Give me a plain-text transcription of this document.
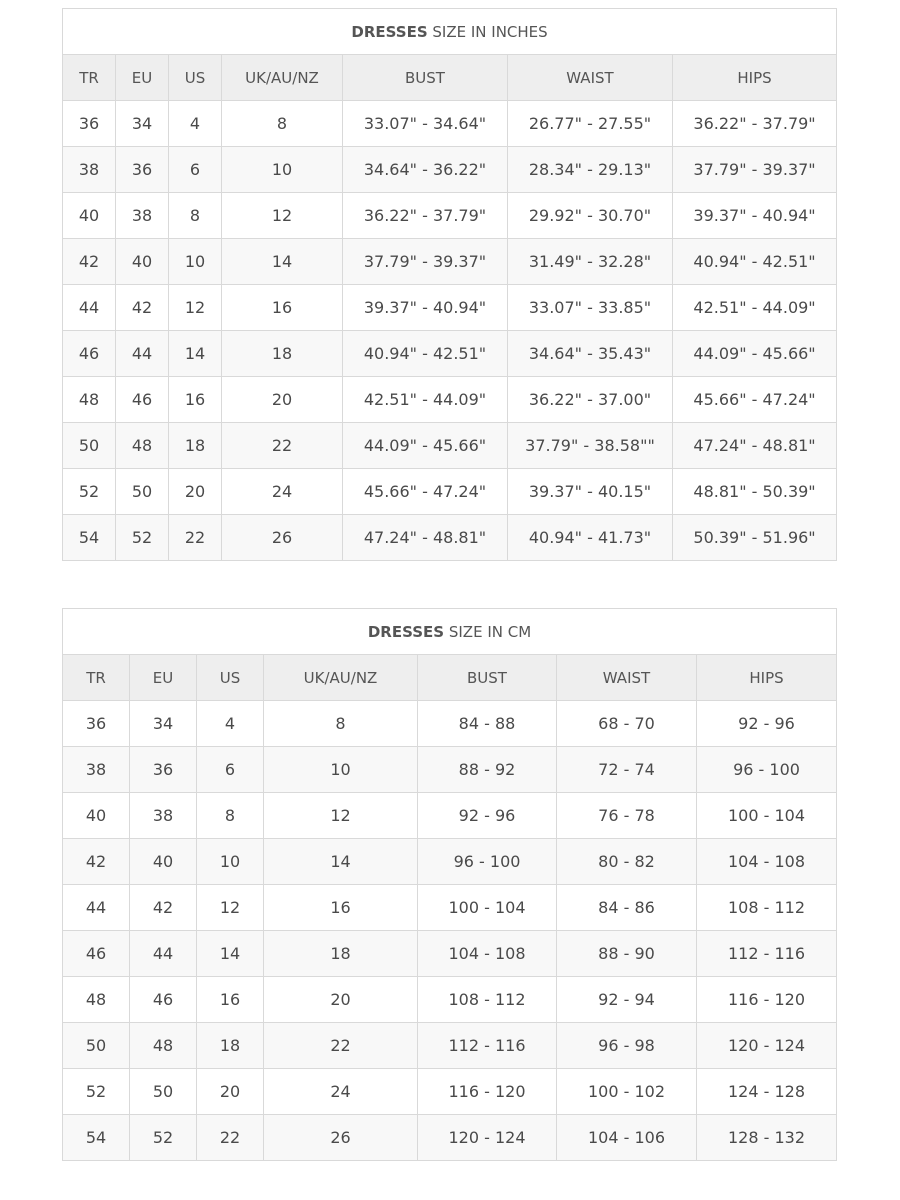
DRESSES SIZE IN INCHES						
TR	EU	US	UK/AU/NZ	BUST	WAIST	HIPS
36	34	4	8	33.07" - 34.64"	26.77" - 27.55"	36.22" - 37.79"
38	36	6	10	34.64" - 36.22"	28.34" - 29.13"	37.79" - 39.37"
40	38	8	12	36.22" - 37.79"	29.92" - 30.70"	39.37" - 40.94"
42	40	10	14	37.79" - 39.37"	31.49" - 32.28"	40.94" - 42.51"
44	42	12	16	39.37" - 40.94"	33.07" - 33.85"	42.51" - 44.09"
46	44	14	18	40.94" - 42.51"	34.64" - 35.43"	44.09" - 45.66"
48	46	16	20	42.51" - 44.09"	36.22" - 37.00"	45.66" - 47.24"
50	48	18	22	44.09" - 45.66"	37.79" - 38.58""	47.24" - 48.81"
52	50	20	24	45.66" - 47.24"	39.37" - 40.15"	48.81" - 50.39"
54	52	22	26	47.24" - 48.81"	40.94" - 41.73"	50.39" - 51.96"
DRESSES SIZE IN CM						
TR	EU	US	UK/AU/NZ	BUST	WAIST	HIPS
36	34	4	8	84 - 88	68 - 70	92 - 96
38	36	6	10	88 - 92	72 - 74	96 - 100
40	38	8	12	92 - 96	76 - 78	100 - 104
42	40	10	14	96 - 100	80 - 82	104 - 108
44	42	12	16	100 - 104	84 - 86	108 - 112
46	44	14	18	104 - 108	88 - 90	112 - 116
48	46	16	20	108 - 112	92 - 94	116 - 120
50	48	18	22	112 - 116	96 - 98	120 - 124
52	50	20	24	116 - 120	100 - 102	124 - 128
54	52	22	26	120 - 124	104 - 106	128 - 132
